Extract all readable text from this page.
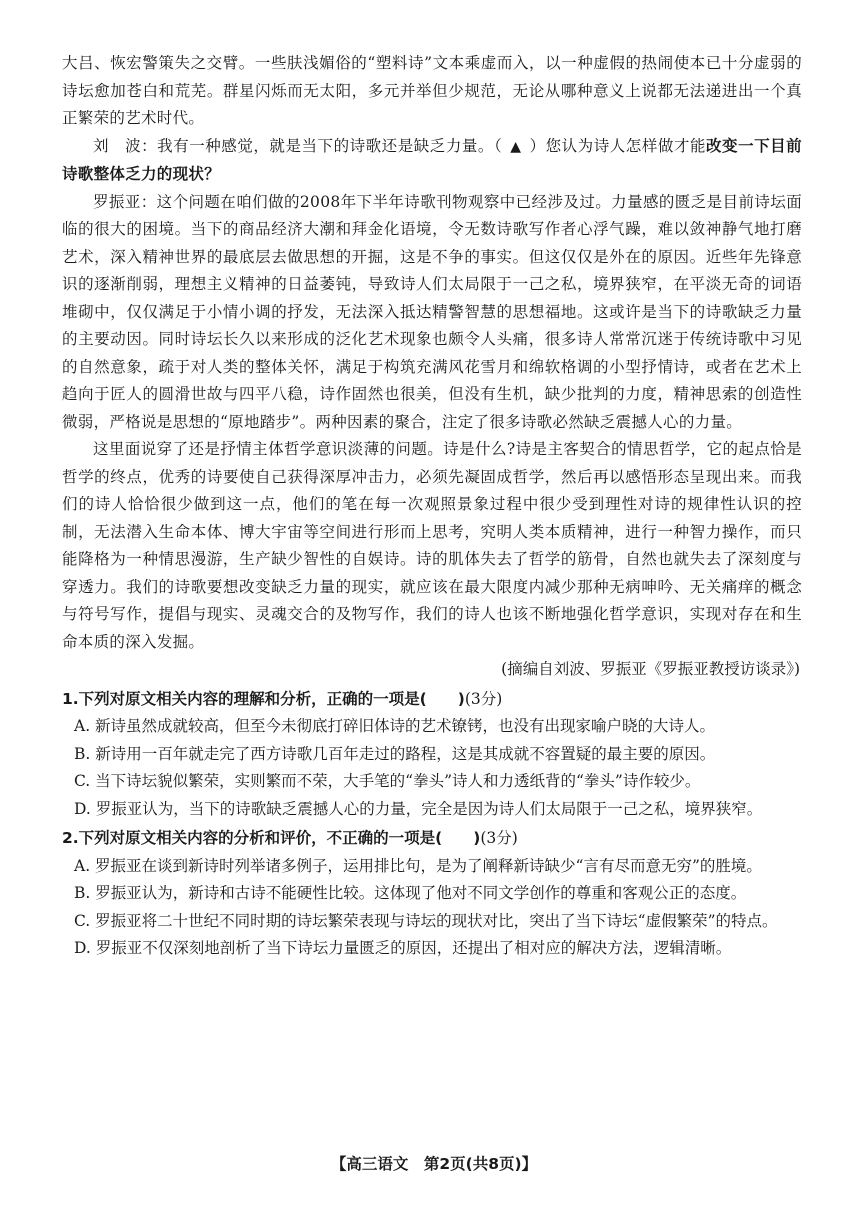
大吕、恢宏警策失之交臂。一些肤浅媚俗的“塑料诗”文本乘虚而入，以一种虚假的热闹使本已十分虚弱的诗坛愈加苍白和荒芜。群星闪烁而无太阳，多元并举但少规范，无论从哪种意义上说都无法递进出一个真正繁荣的艺术时代。

刘　波：我有一种感觉，就是当下的诗歌还是缺乏力量。（ ▲ ）您认为诗人怎样做才能改变一下目前诗歌整体乏力的现状？

罗振亚：这个问题在咱们做的2008年下半年诗歌刊物观察中已经涉及过。力量感的匮乏是目前诗坛面临的很大的困境。当下的商品经济大潮和拜金化语境，令无数诗歌写作者心浮气躁，难以敛神静气地打磨艺术，深入精神世界的最底层去做思想的开掘，这是不争的事实。但这仅仅是外在的原因。近些年先锋意识的逐渐削弱，理想主义精神的日益萎钝，导致诗人们太局限于一己之私，境界狭窄，在平淡无奇的词语堆砌中，仅仅满足于小情小调的抒发，无法深入抵达精警智慧的思想福地。这或许是当下的诗歌缺乏力量的主要动因。同时诗坛长久以来形成的泛化艺术现象也颇令人头痛，很多诗人常常沉迷于传统诗歌中习见的自然意象，疏于对人类的整体关怀，满足于构筑充满风花雪月和绵软格调的小型抒情诗，或者在艺术上趋向于匠人的圆滑世故与四平八稳，诗作固然也很美，但没有生机，缺少批判的力度，精神思索的创造性微弱，严格说是思想的“原地踏步”。两种因素的聚合，注定了很多诗歌必然缺乏震撼人心的力量。

这里面说穿了还是抒情主体哲学意识淡薄的问题。诗是什么?诗是主客契合的情思哲学，它的起点恰是哲学的终点，优秀的诗要使自己获得深厚冲击力，必须先凝固成哲学，然后再以感悟形态呈现出来。而我们的诗人恰恰很少做到这一点，他们的笔在每一次观照景象过程中很少受到理性对诗的规律性认识的控制，无法潜入生命本体、博大宇宙等空间进行形而上思考，究明人类本质精神，进行一种智力操作，而只能降格为一种情思漫游，生产缺少智性的自娱诗。诗的肌体失去了哲学的筋骨，自然也就失去了深刻度与穿透力。我们的诗歌要想改变缺乏力量的现实，就应该在最大限度内减少那种无病呻吟、无关痛痒的概念与符号写作，提倡与现实、灵魂交合的及物写作，我们的诗人也该不断地强化哲学意识，实现对存在和生命本质的深入发掘。

(摘编自刘波、罗振亚《罗振亚教授访谈录》)

1.下列对原文相关内容的理解和分析，正确的一项是(　　)(3分)

A. 新诗虽然成就较高，但至今未彻底打碎旧体诗的艺术镣铐，也没有出现家喻户晓的大诗人。

B. 新诗用一百年就走完了西方诗歌几百年走过的路程，这是其成就不容置疑的最主要的原因。

C. 当下诗坛貌似繁荣，实则繁而不荣，大手笔的“拳头”诗人和力透纸背的“拳头”诗作较少。

D. 罗振亚认为，当下的诗歌缺乏震撼人心的力量，完全是因为诗人们太局限于一己之私，境界狭窄。

2.下列对原文相关内容的分析和评价，不正确的一项是(　　)(3分)

A. 罗振亚在谈到新诗时列举诸多例子，运用排比句，是为了阐释新诗缺少“言有尽而意无穷”的胜境。

B. 罗振亚认为，新诗和古诗不能硬性比较。这体现了他对不同文学创作的尊重和客观公正的态度。

C. 罗振亚将二十世纪不同时期的诗坛繁荣表现与诗坛的现状对比，突出了当下诗坛“虚假繁荣”的特点。

D. 罗振亚不仅深刻地剖析了当下诗坛力量匮乏的原因，还提出了相对应的解决方法，逻辑清晰。

【高三语文　第2页(共8页)】
